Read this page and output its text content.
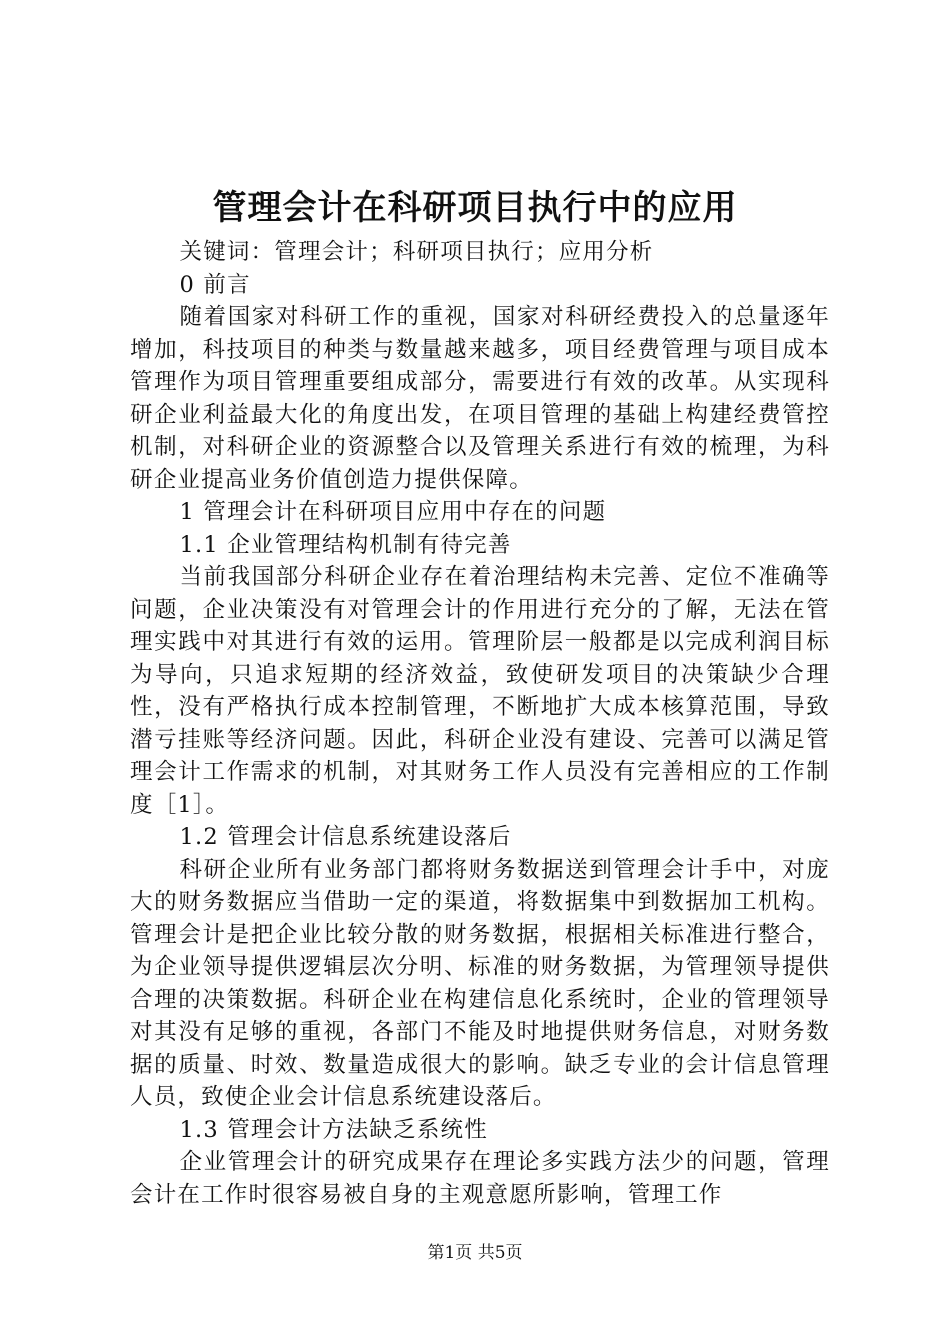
管理会计在科研项目执行中的应用

关键词：管理会计；科研项目执行；应用分析

0 前言

随着国家对科研工作的重视，国家对科研经费投入的总量逐年增加，科技项目的种类与数量越来越多，项目经费管理与项目成本管理作为项目管理重要组成部分，需要进行有效的改革。从实现科研企业利益最大化的角度出发，在项目管理的基础上构建经费管控机制，对科研企业的资源整合以及管理关系进行有效的梳理，为科研企业提高业务价值创造力提供保障。

1 管理会计在科研项目应用中存在的问题

1.1 企业管理结构机制有待完善

当前我国部分科研企业存在着治理结构未完善、定位不准确等问题，企业决策没有对管理会计的作用进行充分的了解，无法在管理实践中对其进行有效的运用。管理阶层一般都是以完成利润目标为导向，只追求短期的经济效益，致使研发项目的决策缺少合理性，没有严格执行成本控制管理，不断地扩大成本核算范围，导致潜亏挂账等经济问题。因此，科研企业没有建设、完善可以满足管理会计工作需求的机制，对其财务工作人员没有完善相应的工作制度［1］。

1.2 管理会计信息系统建设落后

科研企业所有业务部门都将财务数据送到管理会计手中，对庞大的财务数据应当借助一定的渠道，将数据集中到数据加工机构。管理会计是把企业比较分散的财务数据，根据相关标准进行整合，为企业领导提供逻辑层次分明、标准的财务数据，为管理领导提供合理的决策数据。科研企业在构建信息化系统时，企业的管理领导对其没有足够的重视，各部门不能及时地提供财务信息，对财务数据的质量、时效、数量造成很大的影响。缺乏专业的会计信息管理人员，致使企业会计信息系统建设落后。

1.3 管理会计方法缺乏系统性

企业管理会计的研究成果存在理论多实践方法少的问题，管理会计在工作时很容易被自身的主观意愿所影响，管理工作

第1页 共5页
